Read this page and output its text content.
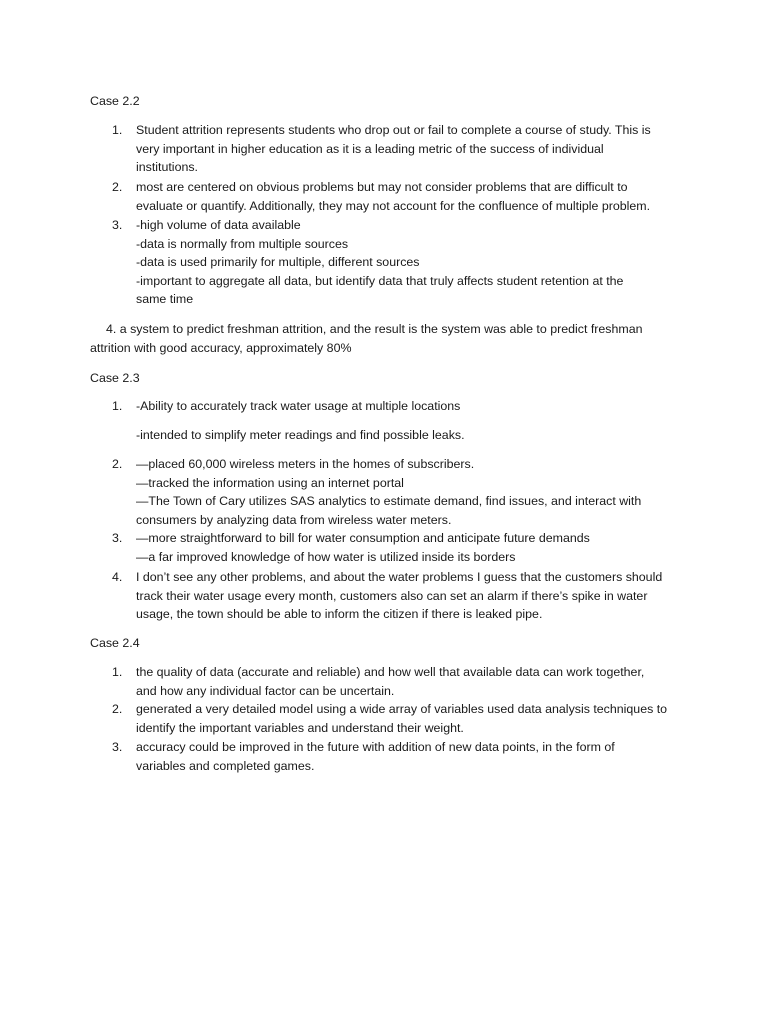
Case 2.2
1.	Student attrition represents students who drop out or fail to complete a course of study. This is
very important in higher education as it is a leading metric of the success of individual
institutions.
2.	most are centered on obvious problems but may not consider problems that are difficult to
evaluate or quantify. Additionally, they may not account for the confluence of multiple problem.
3.	-high volume of data available
-data is normally from multiple sources
-data is used primarily for multiple, different sources
-important to aggregate all data, but identify data that truly affects student retention at the
same time
4. a system to predict freshman attrition, and the result is the system was able to predict freshman
attrition with good accuracy, approximately 80%
Case 2.3
1.	-Ability to accurately track water usage at multiple locations
-intended to simplify meter readings and find possible leaks.
2.	—placed 60,000 wireless meters in the homes of subscribers.
—tracked the information using an internet portal
—The Town of Cary utilizes SAS analytics to estimate demand, find issues, and interact with
consumers by analyzing data from wireless water meters.
3.	—more straightforward to bill for water consumption and anticipate future demands
—a far improved knowledge of how water is utilized inside its borders
4.	I don’t see any other problems, and about the water problems I guess that the customers should
track their water usage every month, customers also can set an alarm if there’s spike in water
usage, the town should be able to inform the citizen if there is leaked pipe.
Case 2.4
1.	the quality of data (accurate and reliable) and how well that available data can work together,
and how any individual factor can be uncertain.
2.	generated a very detailed model using a wide array of variables used data analysis techniques to
identify the important variables and understand their weight.
3.	accuracy could be improved in the future with addition of new data points, in the form of
variables and completed games.
